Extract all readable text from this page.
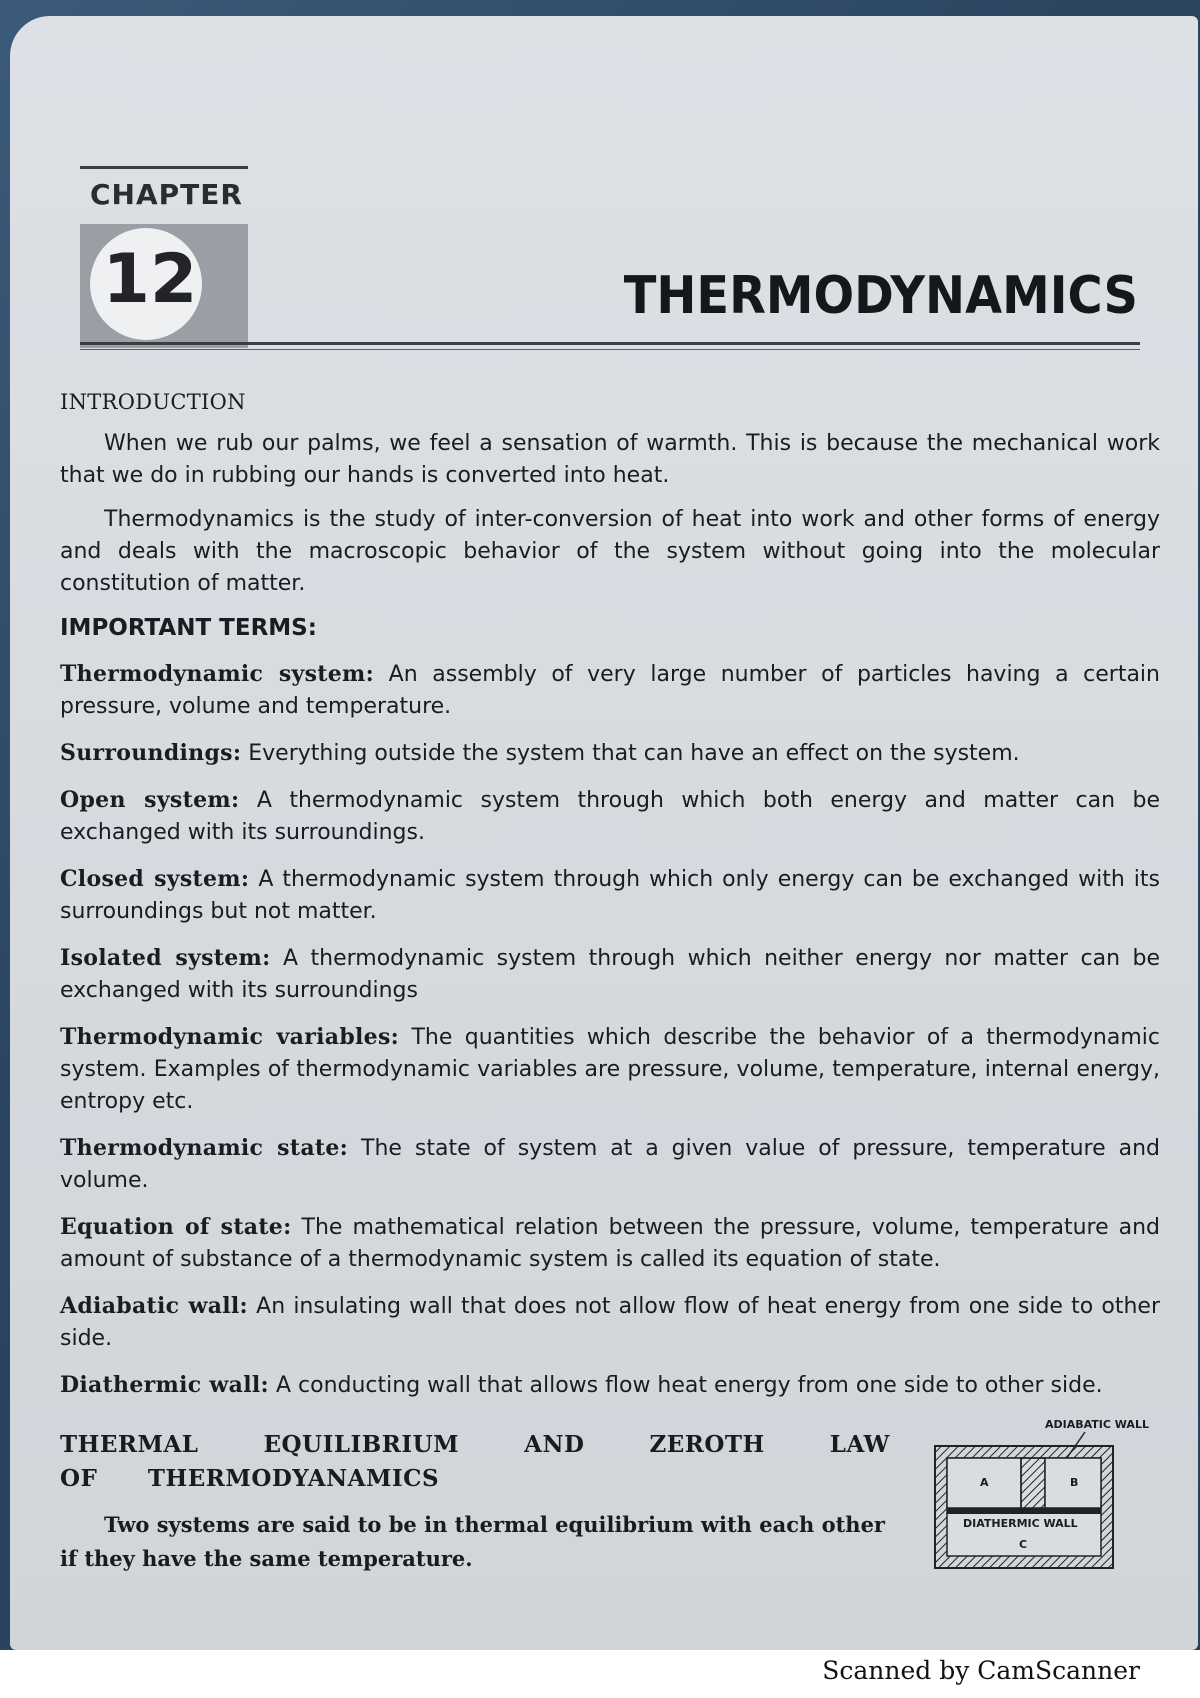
CHAPTER
12	THERMODYNAMICS
INTRODUCTION

When we rub our palms, we feel a sensation of warmth. This is because the mechanical work that we do in rubbing our hands is converted into heat.

Thermodynamics is the study of inter-conversion of heat into work and other forms of energy and deals with the macroscopic behavior of the system without going into the molecular constitution of matter.

IMPORTANT TERMS:

Thermodynamic system: An assembly of very large number of particles having a certain pressure, volume and temperature.

Surroundings: Everything outside the system that can have an effect on the system.

Open system: A thermodynamic system through which both energy and matter can be exchanged with its surroundings.

Closed system: A thermodynamic system through which only energy can be exchanged with its surroundings but not matter.

Isolated system: A thermodynamic system through which neither energy nor matter can be exchanged with its surroundings

Thermodynamic variables: The quantities which describe the behavior of a thermodynamic system. Examples of thermodynamic variables are pressure, volume, temperature, internal energy, entropy etc.

Thermodynamic state: The state of system at a given value of pressure, temperature and volume.

Equation of state: The mathematical relation between the pressure, volume, temperature and amount of substance of a thermodynamic system is called its equation of state.

Adiabatic wall: An insulating wall that does not allow flow of heat energy from one side to other side.

Diathermic wall: A conducting wall that allows flow heat energy from one side to other side.

THERMAL EQUILIBRIUM AND ZEROTH LAW OF THERMODYANAMICS
Two systems are said to be in thermal equilibrium with each other if they have the same temperature.
ADIABATIC WALL
A	B
DIATHERMIC WALL
C
Scanned by CamScanner
